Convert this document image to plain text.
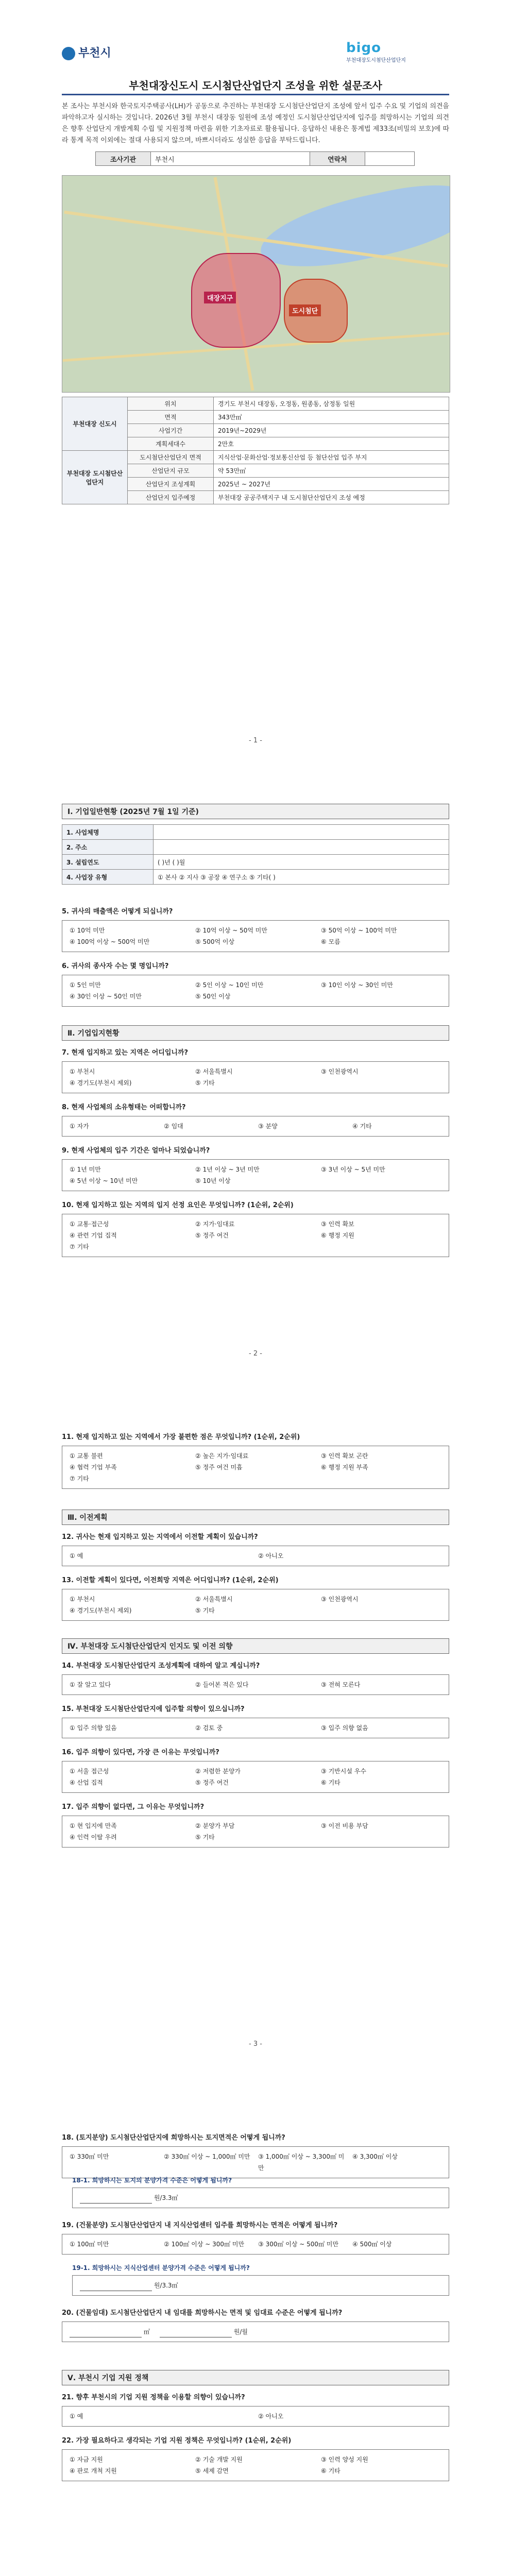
부천시	bigo
부천대장도시첨단산업단지
부천대장신도시 도시첨단산업단지 조성을 위한 설문조사
본 조사는 부천시와 한국토지주택공사(LH)가 공동으로 추진하는 부천대장 도시첨단산업단지 조성에 앞서 입주 수요 및 기업의 의견을 파악하고자 실시하는 것입니다. 2026년 3월 부천시 대장동 일원에 조성 예정인 도시첨단산업단지에 입주를 희망하시는 기업의 의견은 향후 산업단지 개발계획 수립 및 지원정책 마련을 위한 기초자료로 활용됩니다. 응답하신 내용은 통계법 제33조(비밀의 보호)에 따라 통계 목적 이외에는 절대 사용되지 않으며, 바쁘시더라도 성실한 응답을 부탁드립니다.
조사기관	부천시	연락처	
대장지구
도시첨단
부천대장 신도시	위치	경기도 부천시 대장동, 오정동, 원종동, 삼정동 일원
	면적	343만㎡
	사업기간	2019년~2029년
	계획세대수	2만호
부천대장 도시첨단산업단지	도시첨단산업단지 면적	지식산업·문화산업·정보통신산업 등 첨단산업 입주 부지
	산업단지 규모	약 53만㎡
	산업단지 조성계획	2025년 ~ 2027년
	산업단지 입주예정	부천대장 공공주택지구 내 도시첨단산업단지 조성 예정
- 1 -
Ⅰ. 기업일반현황 (2025년 7월 1일 기준)
1. 사업체명	
2. 주소	
3. 설립연도	( )년 ( )월
4. 사업장 유형	① 본사 ② 지사 ③ 공장 ④ 연구소 ⑤ 기타( )
5. 귀사의 매출액은 어떻게 되십니까?
① 10억 미만	② 10억 이상 ~ 50억 미만	③ 50억 이상 ~ 100억 미만
④ 100억 이상 ~ 500억 미만	⑤ 500억 이상	⑥ 모름
6. 귀사의 종사자 수는 몇 명입니까?
① 5인 미만	② 5인 이상 ~ 10인 미만	③ 10인 이상 ~ 30인 미만
④ 30인 이상 ~ 50인 미만	⑤ 50인 이상
Ⅱ. 기업입지현황
7. 현재 입지하고 있는 지역은 어디입니까?
① 부천시	② 서울특별시	③ 인천광역시
④ 경기도(부천시 제외)	⑤ 기타
8. 현재 사업체의 소유형태는 어떠합니까?
① 자가	② 임대	③ 분양	④ 기타
9. 현재 사업체의 입주 기간은 얼마나 되었습니까?
① 1년 미만	② 1년 이상 ~ 3년 미만	③ 3년 이상 ~ 5년 미만
④ 5년 이상 ~ 10년 미만	⑤ 10년 이상
10. 현재 입지하고 있는 지역의 입지 선정 요인은 무엇입니까? (1순위, 2순위)
① 교통·접근성	② 지가·임대료	③ 인력 확보
④ 관련 기업 집적	⑤ 정주 여건	⑥ 행정 지원
⑦ 기타
- 2 -
11. 현재 입지하고 있는 지역에서 가장 불편한 점은 무엇입니까? (1순위, 2순위)
① 교통 불편	② 높은 지가·임대료	③ 인력 확보 곤란
④ 협력 기업 부족	⑤ 정주 여건 미흡	⑥ 행정 지원 부족
⑦ 기타
Ⅲ. 이전계획
12. 귀사는 현재 입지하고 있는 지역에서 이전할 계획이 있습니까?
① 예	② 아니오
13. 이전할 계획이 있다면, 이전희망 지역은 어디입니까? (1순위, 2순위)
① 부천시	② 서울특별시	③ 인천광역시
④ 경기도(부천시 제외)	⑤ 기타
Ⅳ. 부천대장 도시첨단산업단지 인지도 및 이전 의향
14. 부천대장 도시첨단산업단지 조성계획에 대하여 알고 계십니까?
① 잘 알고 있다	② 들어본 적은 있다	③ 전혀 모른다
15. 부천대장 도시첨단산업단지에 입주할 의향이 있으십니까?
① 입주 의향 있음	② 검토 중	③ 입주 의향 없음
16. 입주 의향이 있다면, 가장 큰 이유는 무엇입니까?
① 서울 접근성	② 저렴한 분양가	③ 기반시설 우수
④ 산업 집적	⑤ 정주 여건	⑥ 기타
17. 입주 의향이 없다면, 그 이유는 무엇입니까?
① 현 입지에 만족	② 분양가 부담	③ 이전 비용 부담
④ 인력 이탈 우려	⑤ 기타
- 3 -
18. (토지분양) 도시첨단산업단지에 희망하시는 토지면적은 어떻게 됩니까?
① 330㎡ 미만	② 330㎡ 이상 ~ 1,000㎡ 미만	③ 1,000㎡ 이상 ~ 3,300㎡ 미만
④ 3,300㎡ 이상
18-1. 희망하시는 토지의 분양가격 수준은 어떻게 됩니까?
원/3.3㎡
19. (건물분양) 도시첨단산업단지 내 지식산업센터 입주를 희망하시는 면적은 어떻게 됩니까?
① 100㎡ 미만	② 100㎡ 이상 ~ 300㎡ 미만	③ 300㎡ 이상 ~ 500㎡ 미만	④ 500㎡ 이상
19-1. 희망하시는 지식산업센터 분양가격 수준은 어떻게 됩니까?
원/3.3㎡
20. (건물임대) 도시첨단산업단지 내 임대를 희망하시는 면적 및 임대료 수준은 어떻게 됩니까?
㎡	원/월
Ⅴ. 부천시 기업 지원 정책
21. 향후 부천시의 기업 지원 정책을 이용할 의향이 있습니까?
① 예	② 아니오
22. 가장 필요하다고 생각되는 기업 지원 정책은 무엇입니까? (1순위, 2순위)
① 자금 지원	② 기술 개발 지원	③ 인력 양성 지원
④ 판로 개척 지원	⑤ 세제 감면	⑥ 기타
